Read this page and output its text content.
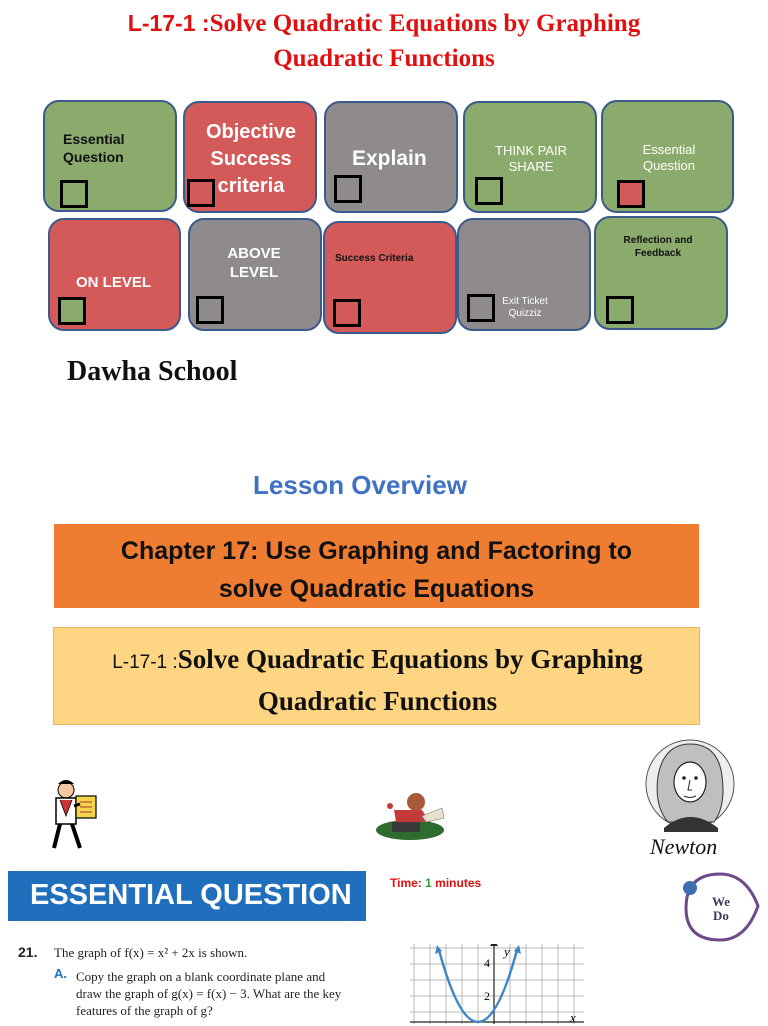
L-17-1 :Solve Quadratic Equations by Graphing
Quadratic Functions
Essential Question
Objective Success criteria
Explain	THINK PAIR SHARE
Essential Question
ON LEVEL
ABOVE LEVEL
Success Criteria
Exit Ticket Quizziz
Reflection and Feedback
Dawha School
Lesson Overview
Chapter 17: Use Graphing and Factoring to
solve Quadratic Equations
L-17-1 :Solve Quadratic Equations by Graphing
Quadratic Functions
Newton
ESSENTIAL QUESTION	Time: 1 minutes
We
Do
21. The graph of f(x) = x² + 2x is shown.
A. Copy the graph on a blank coordinate plane and
draw the graph of g(x) = f(x) − 3. What are the key
features of the graph of g?
4
2
y
x
